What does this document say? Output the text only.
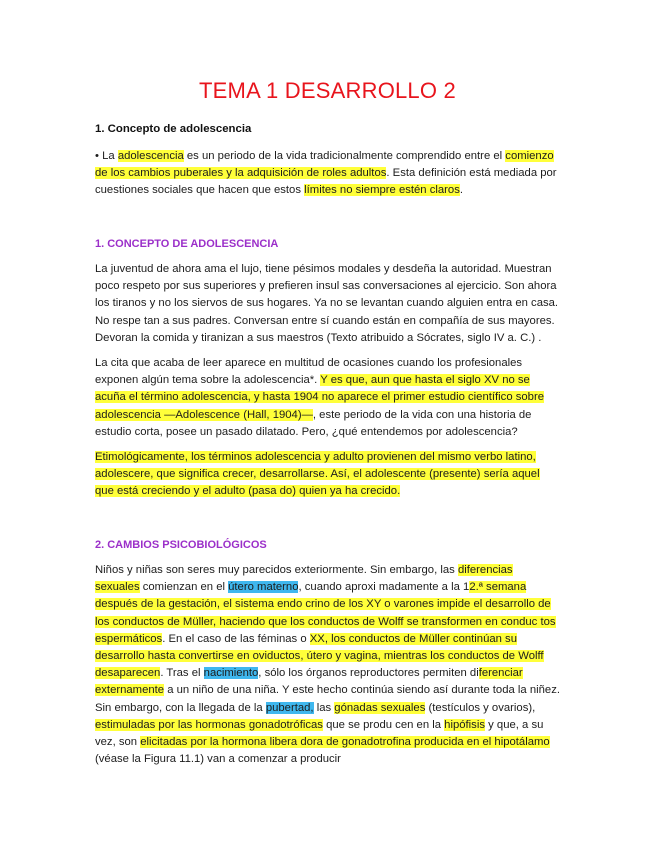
TEMA 1 DESARROLLO 2
1. Concepto de adolescencia
• La adolescencia es un periodo de la vida tradicionalmente comprendido entre el comienzo de los cambios puberales y la adquisición de roles adultos. Esta definición está mediada por cuestiones sociales que hacen que estos límites no siempre estén claros.
1. CONCEPTO DE ADOLESCENCIA
La juventud de ahora ama el lujo, tiene pésimos modales y desdeña la autoridad. Muestran poco respeto por sus superiores y prefieren insul sas conversaciones al ejercicio. Son ahora los tiranos y no los siervos de sus hogares. Ya no se levantan cuando alguien entra en casa. No respe tan a sus padres. Conversan entre sí cuando están en compañía de sus mayores. Devoran la comida y tiranizan a sus maestros (Texto atribuido a Sócrates, siglo IV a. C.) .
La cita que acaba de leer aparece en multitud de ocasiones cuando los profesionales exponen algún tema sobre la adolescencia*. Y es que, aun que hasta el siglo XV no se acuña el término adolescencia, y hasta 1904 no aparece el primer estudio científico sobre adolescencia —Adolescence (Hall, 1904)—, este periodo de la vida con una historia de estudio corta, posee un pasado dilatado. Pero, ¿qué entendemos por adolescencia?
Etimológicamente, los términos adolescencia y adulto provienen del mismo verbo latino, adolescere, que significa crecer, desarrollarse. Así, el adolescente (presente) sería aquel que está creciendo y el adulto (pasa do) quien ya ha crecido.
2. CAMBIOS PSICOBIOLÓGICOS
Niños y niñas son seres muy parecidos exteriormente. Sin embargo, las diferencias sexuales comienzan en el útero materno, cuando aproxi madamente a la 12.ª semana después de la gestación, el sistema endo crino de los XY o varones impide el desarrollo de los conductos de Müller, haciendo que los conductos de Wolff se transformen en conduc tos espermáticos. En el caso de las féminas o XX, los conductos de Müller continúan su desarrollo hasta convertirse en oviductos, útero y vagina, mientras los conductos de Wolff desaparecen. Tras el nacimiento, sólo los órganos reproductores permiten diferenciar externamente a un niño de una niña. Y este hecho continúa siendo así durante toda la niñez. Sin embargo, con la llegada de la pubertad, las gónadas sexuales (testículos y ovarios), estimuladas por las hormonas gonadotróficas que se produ cen en la hipófisis y que, a su vez, son elicitadas por la hormona libera dora de gonadotrofina producida en el hipotálamo (véase la Figura 11.1) van a comenzar a producir
